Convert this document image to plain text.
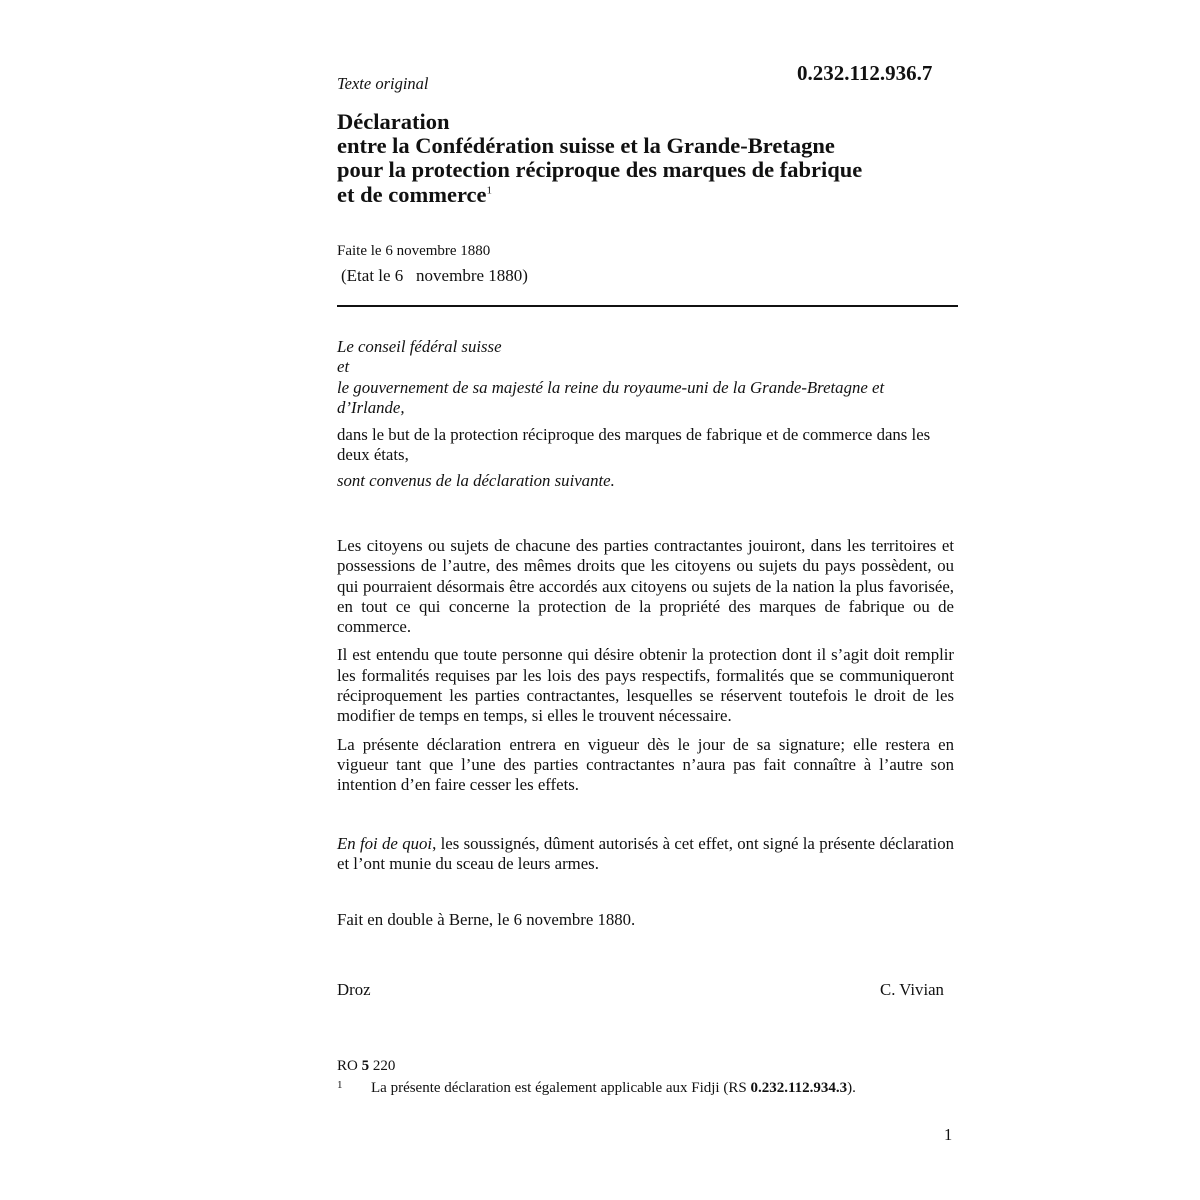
Texte original	0.232.112.936.7
Déclaration
entre la Confédération suisse et la Grande-Bretagne
pour la protection réciproque des marques de fabrique
et de commerce$^1$
Faite le 6 novembre 1880
(Etat le 6   novembre 1880)
Le conseil fédéral suisse
et
le gouvernement de sa majesté la reine du royaume-uni de la Grande-Bretagne et d’Irlande,
dans le but de la protection réciproque des marques de fabrique et de commerce dans les deux états,
sont convenus de la déclaration suivante.

Les citoyens ou sujets de chacune des parties contractantes jouiront, dans les territoires et possessions de l’autre, des mêmes droits que les citoyens ou sujets du pays possèdent, ou qui pourraient désormais être accordés aux citoyens ou sujets de la nation la plus favorisée, en tout ce qui concerne la protection de la propriété des marques de fabrique ou de commerce.

Il est entendu que toute personne qui désire obtenir la protection dont il s’agit doit remplir les formalités requises par les lois des pays respectifs, formalités que se communiqueront réciproquement les parties contractantes, lesquelles se réservent toutefois le droit de les modifier de temps en temps, si elles le trouvent nécessaire.

La présente déclaration entrera en vigueur dès le jour de sa signature; elle restera en vigueur tant que l’une des parties contractantes n’aura pas fait connaître à l’autre son intention d’en faire cesser les effets.

En foi de quoi, les soussignés, dûment autorisés à cet effet, ont signé la présente déclaration et l’ont munie du sceau de leurs armes.
Fait en double à Berne, le 6 novembre 1880.
Droz	C. Vivian
RO 5 220
1 La présente déclaration est également applicable aux Fidji (RS 0.232.112.934.3).
1
